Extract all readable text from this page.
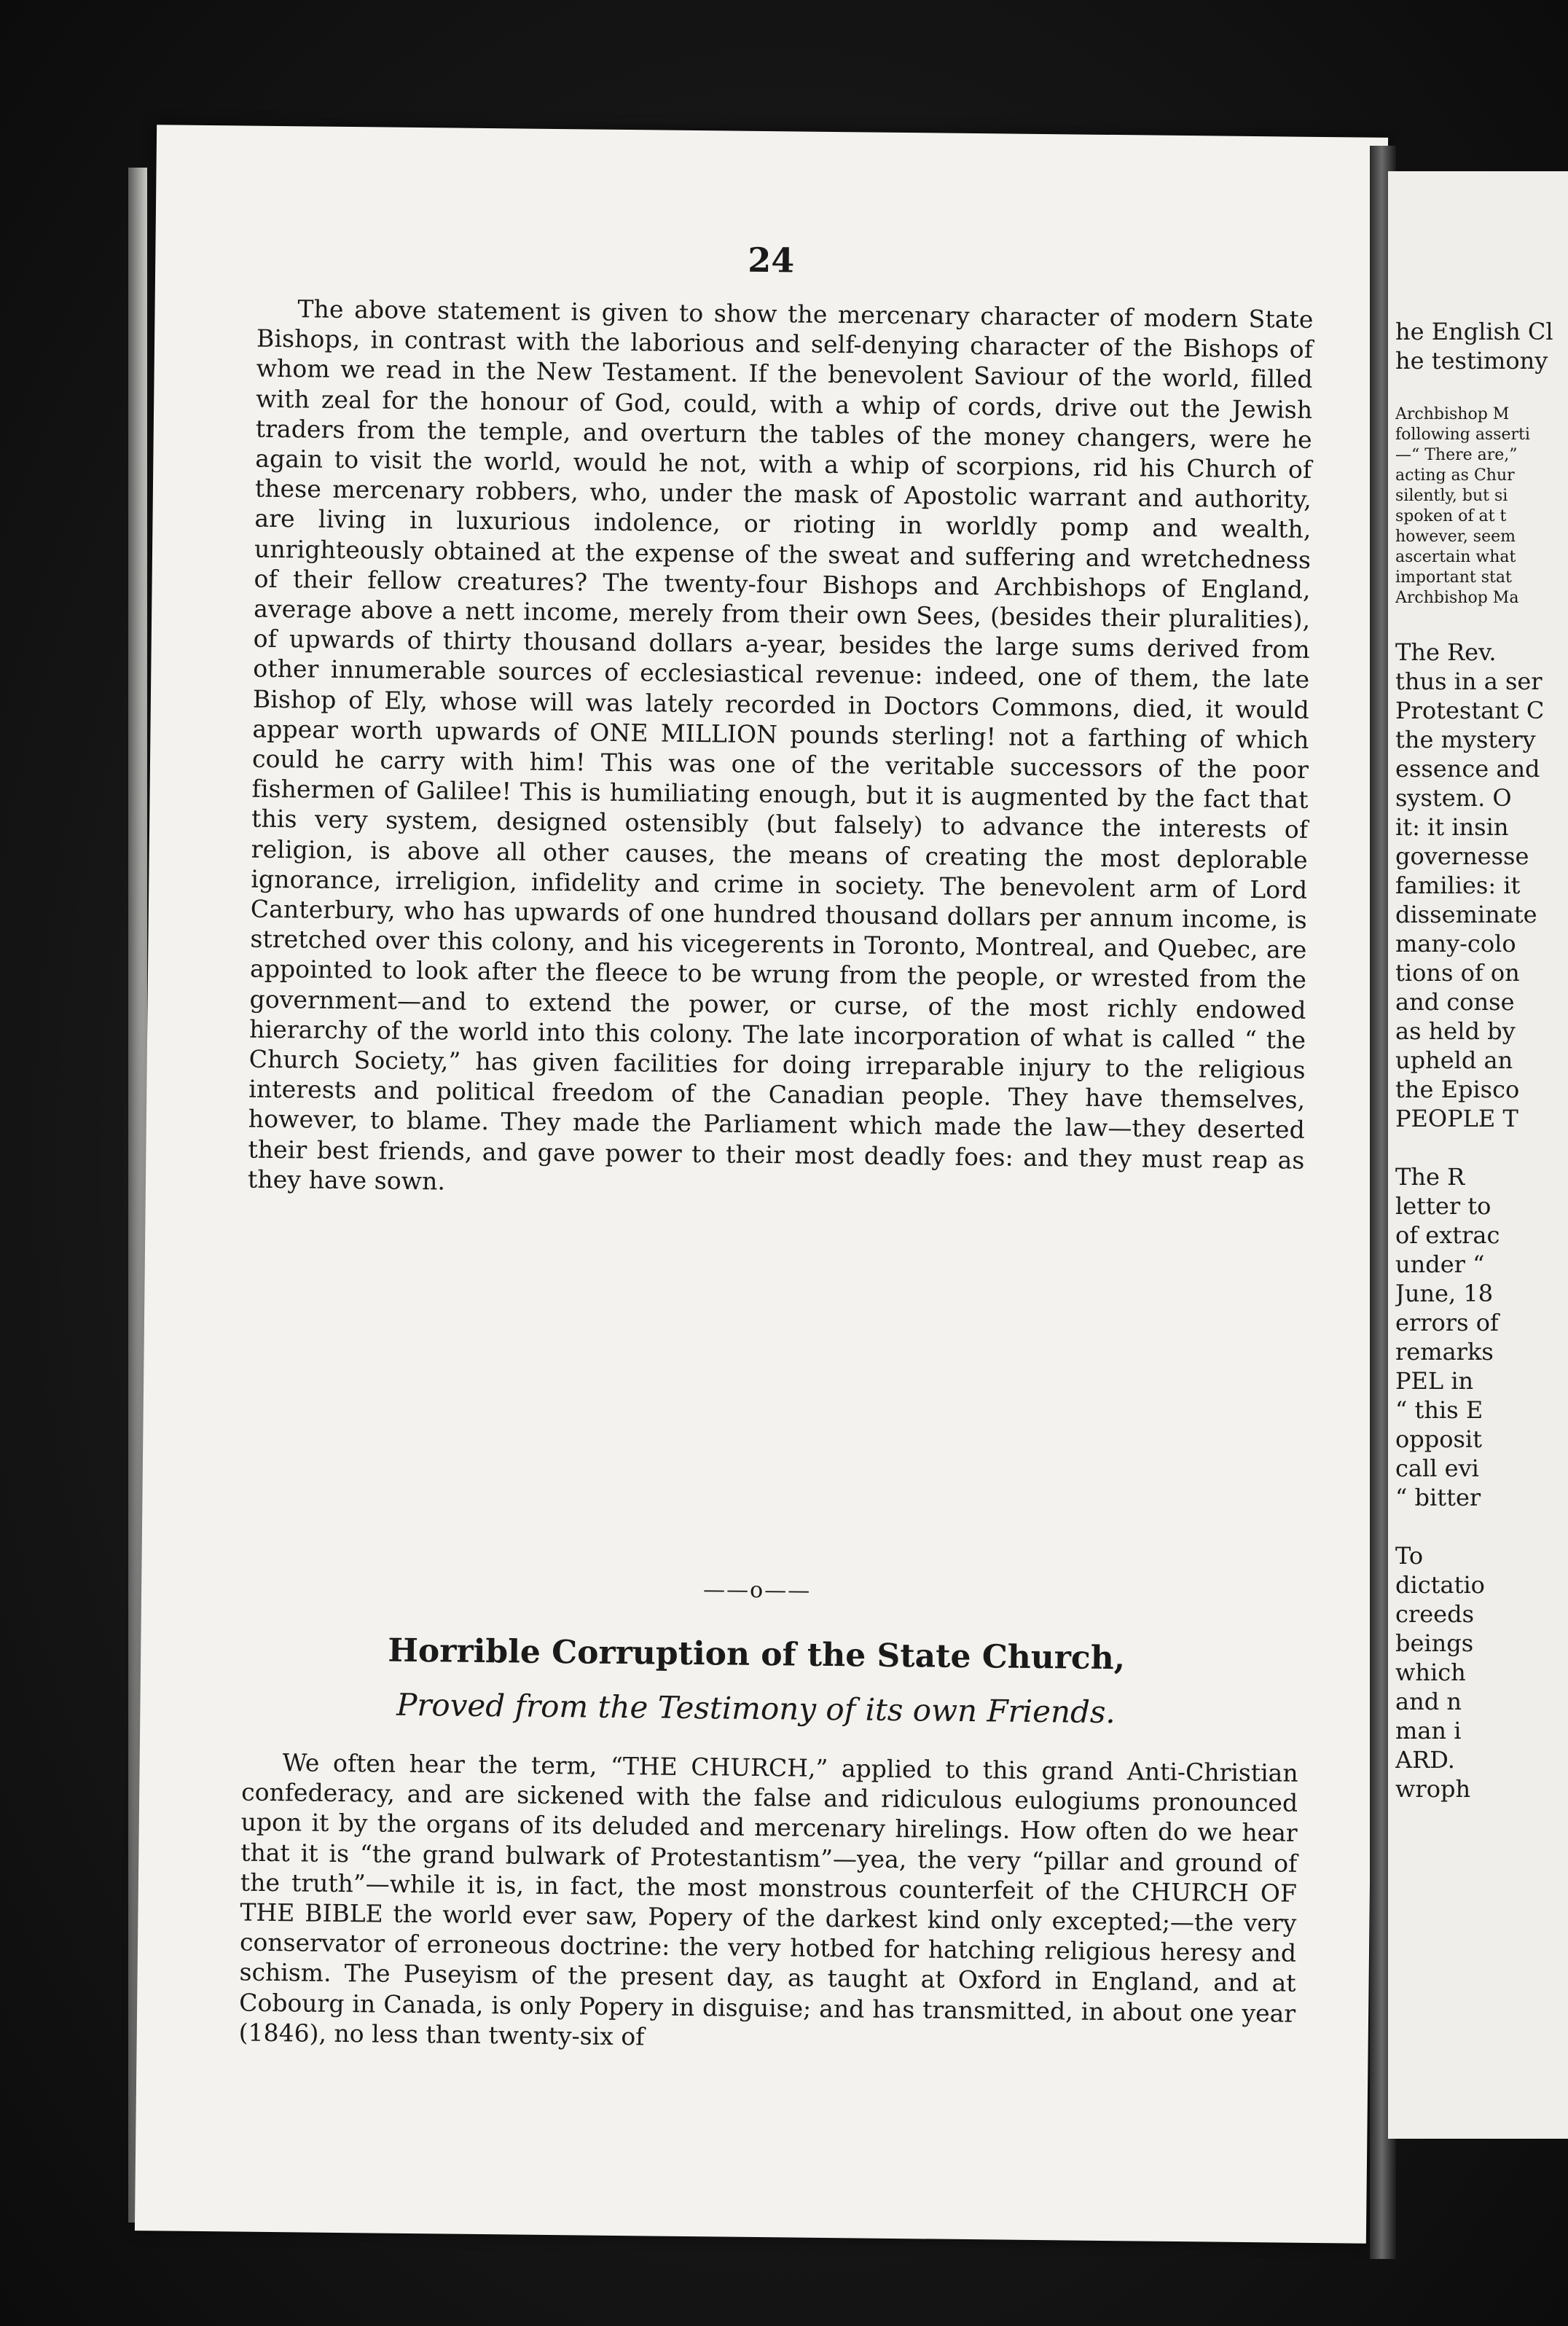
24

The above statement is given to show the mercenary character of modern State Bishops, in contrast with the laborious and self-denying character of the Bishops of whom we read in the New Testament. If the benevolent Saviour of the world, filled with zeal for the honour of God, could, with a whip of cords, drive out the Jewish traders from the temple, and overturn the tables of the money changers, were he again to visit the world, would he not, with a whip of scorpions, rid his Church of these mercenary robbers, who, under the mask of Apostolic warrant and authority, are living in luxurious indolence, or rioting in worldly pomp and wealth, unrighteously obtained at the expense of the sweat and suffering and wretchedness of their fellow creatures? The twenty-four Bishops and Archbishops of England, average above a nett income, merely from their own Sees, (besides their pluralities), of upwards of thirty thousand dollars a-year, besides the large sums derived from other innumerable sources of ecclesiastical revenue: indeed, one of them, the late Bishop of Ely, whose will was lately recorded in Doctors Commons, died, it would appear worth upwards of ONE MILLION pounds sterling! not a farthing of which could he carry with him! This was one of the veritable successors of the poor fishermen of Galilee! This is humiliating enough, but it is augmented by the fact that this very system, designed ostensibly (but falsely) to advance the interests of religion, is above all other causes, the means of creating the most deplorable ignorance, irreligion, infidelity and crime in society. The benevolent arm of Lord Canterbury, who has upwards of one hundred thousand dollars per annum income, is stretched over this colony, and his vicegerents in Toronto, Montreal, and Quebec, are appointed to look after the fleece to be wrung from the people, or wrested from the government—and to extend the power, or curse, of the most richly endowed hierarchy of the world into this colony. The late incorporation of what is called “ the Church Society,” has given facilities for doing irreparable injury to the religious interests and political freedom of the Canadian people. They have themselves, however, to blame. They made the Parliament which made the law—they deserted their best friends, and gave power to their most deadly foes: and they must reap as they have sown.

——o——
Horrible Corruption of the State Church,
Proved from the Testimony of its own Friends.

We often hear the term, “THE CHURCH,” applied to this grand Anti-Christian confederacy, and are sickened with the false and ridiculous eulogiums pronounced upon it by the organs of its deluded and mercenary hirelings. How often do we hear that it is “the grand bulwark of Protestantism”—yea, the very “pillar and ground of the truth”—while it is, in fact, the most monstrous counterfeit of the CHURCH OF THE BIBLE the world ever saw, Popery of the darkest kind only excepted;—the very conservator of erroneous doctrine: the very hotbed for hatching religious heresy and schism. The Puseyism of the present day, as taught at Oxford in England, and at Cobourg in Canada, is only Popery in disguise; and has transmitted, in about one year (1846), no less than twenty-six of

he English Cl
he testimony
Archbishop M
following asserti
—“ There are,”
acting as Chur
silently, but si
spoken of at t
however, seem
ascertain what
important stat
Archbishop Ma
The Rev.
thus in a ser
Protestant C
the mystery
essence and
system. O
it: it insin
governesse
families: it
disseminate
many-colo
tions of on
and conse
as held by
upheld an
the Episco
PEOPLE T
The R
letter to
of extrac
under “
June, 18
errors of
remarks
PEL in
“ this E
opposit
call evi
“ bitter
To
dictatio
creeds
beings
which
and n
man i
ARD.
wroph
